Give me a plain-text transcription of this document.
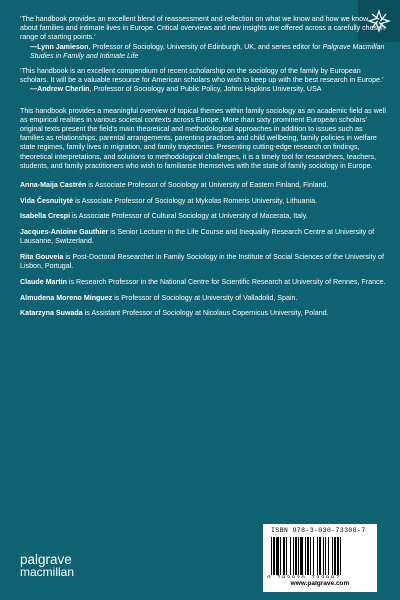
‘The handbook provides an excellent blend of reassessment and reflection on what we know and how we know about families and intimate lives in Europe. Critical overviews and new insights are offered across a carefully chosen range of starting points.’

—Lynn Jamieson, Professor of Sociology, University of Edinburgh, UK, and series editor for Palgrave Macmillan Studies in Family and Intimate Life

‘This handbook is an excellent compendium of recent scholarship on the sociology of the family by European scholars. It will be a valuable resource for American scholars who wish to keep up with the best research in Europe.’

—Andrew Cherlin, Professor of Sociology and Public Policy, Johns Hopkins University, USA

This handbook provides a meaningful overview of topical themes within family sociology as an academic field as well as empirical realities in various societal contexts across Europe. More than sixty prominent European scholars’ original texts present the field’s main theoretical and methodological approaches in addition to issues such as families as relationships, parental arrangements, parenting practices and child wellbeing, family policies in welfare state regimes, family lives in migration, and family trajectories. Presenting cutting-edge research on findings, theoretical interpretations, and solutions to methodological challenges, it is a timely tool for researchers, teachers, students, and family practitioners who wish to familiarise themselves with the state of family sociology in Europe.

Anna-Maija Castrén is Associate Professor of Sociology at University of Eastern Finland, Finland.

Vida Česnuitytė is Associate Professor of Sociology at Mykolas Romeris University, Lithuania.

Isabella Crespi is Associate Professor of Cultural Sociology at University of Macerata, Italy.

Jacques-Antoine Gauthier is Senior Lecturer in the Life Course and Inequality Research Centre at University of Lausanne, Switzerland.

Rita Gouveia is Post-Doctoral Researcher in Family Sociology in the Institute of Social Sciences of the University of Lisbon, Portugal.

Claude Martin is Research Professor in the National Centre for Scientific Research at University of Rennes, France.

Almudena Moreno Mínguez is Professor of Sociology at University of Valladolid, Spain.

Katarzyna Suwada is Assistant Professor of Sociology at Nicolaus Copernicus University, Poland.

palgrave
macmillan
ISBN 978-3-030-73308-7
www.palgrave.com
